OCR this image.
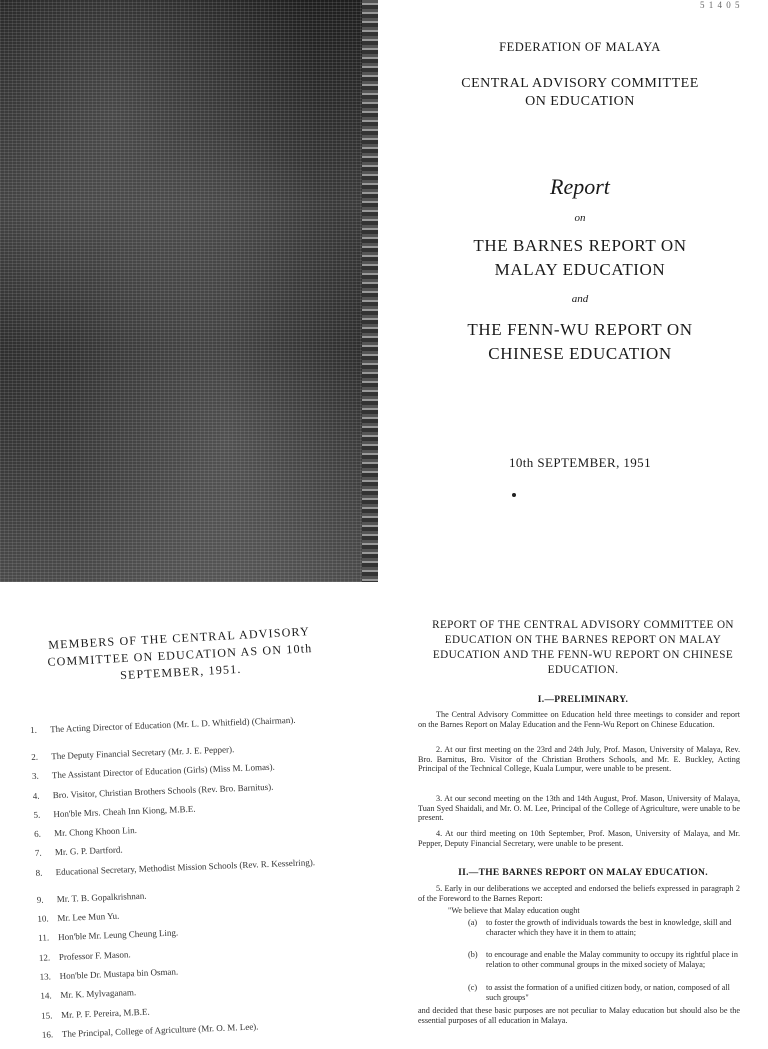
5 1 4 0 5
FEDERATION OF MALAYA
CENTRAL ADVISORY COMMITTEE
ON EDUCATION
Report
on
THE BARNES REPORT ON
MALAY EDUCATION
and
THE FENN-WU REPORT ON
CHINESE EDUCATION
10th SEPTEMBER, 1951
MEMBERS OF THE CENTRAL ADVISORY COMMITTEE ON EDUCATION AS ON 10th SEPTEMBER, 1951.
1.	The Acting Director of Education (Mr. L. D. Whitfield) (Chairman).
2.	The Deputy Financial Secretary (Mr. J. E. Pepper).
3.	The Assistant Director of Education (Girls) (Miss M. Lomas).
4.	Bro. Visitor, Christian Brothers Schools (Rev. Bro. Barnitus).
5.	Hon'ble Mrs. Cheah Inn Kiong, M.B.E.
6.	Mr. Chong Khoon Lin.
7.	Mr. G. P. Dartford.
8.	Educational Secretary, Methodist Mission Schools (Rev. R. Kesselring).
9.	Mr. T. B. Gopalkrishnan.
10. Mr. Lee Mun Yu.
11. Hon'ble Mr. Leung Cheung Ling.
12. Professor F. Mason.
13. Hon'ble Dr. Mustapa bin Osman.
14. Mr. K. Mylvaganam.
15. Mr. P. F. Pereira, M.B.E.
16. The Principal, College of Agriculture (Mr. O. M. Lee).
REPORT OF THE CENTRAL ADVISORY COMMITTEE ON EDUCATION ON THE BARNES REPORT ON MALAY EDUCATION AND THE FENN-WU REPORT ON CHINESE EDUCATION.
I.—PRELIMINARY.
The Central Advisory Committee on Education held three meetings to consider and report on the Barnes Report on Malay Education and the Fenn-Wu Report on Chinese Education.
2. At our first meeting on the 23rd and 24th July, Prof. Mason, University of Malaya, Rev. Bro. Barnitus, Bro. Visitor of the Christian Brothers Schools, and Mr. E. Buckley, Acting Principal of the Technical College, Kuala Lumpur, were unable to be present.
3. At our second meeting on the 13th and 14th August, Prof. Mason, University of Malaya, Tuan Syed Shaidali, and Mr. O. M. Lee, Principal of the College of Agriculture, were unable to be present.
4. At our third meeting on 10th September, Prof. Mason, University of Malaya, and Mr. Pepper, Deputy Financial Secretary, were unable to be present.
II.—THE BARNES REPORT ON MALAY EDUCATION.
5. Early in our deliberations we accepted and endorsed the beliefs expressed in paragraph 2 of the Foreword to the Barnes Report:
"We believe that Malay education ought
(a)	to foster the growth of individuals towards the best in knowledge, skill and character which they have it in them to attain;
(b)	to encourage and enable the Malay community to occupy its rightful place in relation to other communal groups in the mixed society of Malaya;
(c)	to assist the formation of a unified citizen body, or nation, composed of all such groups"
and decided that these basic purposes are not peculiar to Malay education but should also be the essential purposes of all education in Malaya.
